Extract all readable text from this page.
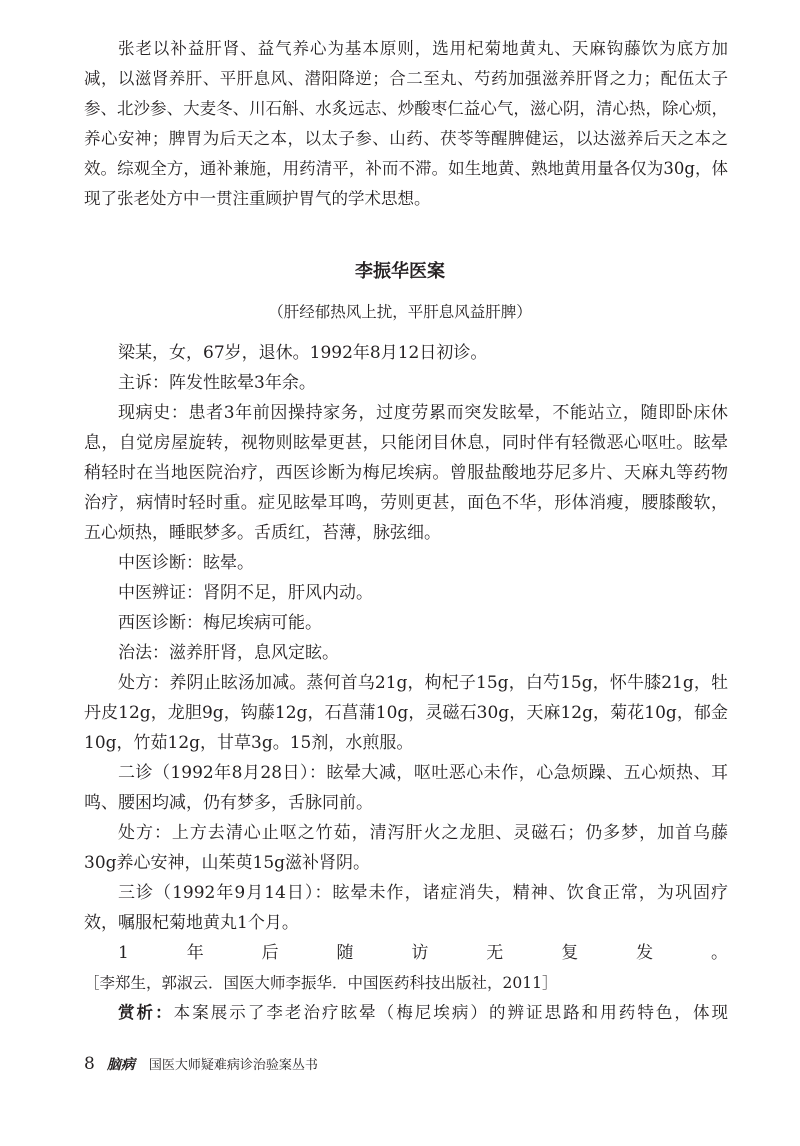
张老以补益肝肾、益气养心为基本原则，选用杞菊地黄丸、天麻钩藤饮为底方加减，以滋肾养肝、平肝息风、潜阳降逆；合二至丸、芍药加强滋养肝肾之力；配伍太子参、北沙参、大麦冬、川石斛、水炙远志、炒酸枣仁益心气，滋心阴，清心热，除心烦，养心安神；脾胃为后天之本，以太子参、山药、茯苓等醒脾健运，以达滋养后天之本之效。综观全方，通补兼施，用药清平，补而不滞。如生地黄、熟地黄用量各仅为30g，体现了张老处方中一贯注重顾护胃气的学术思想。

李振华医案

（肝经郁热风上扰，平肝息风益肝脾）

梁某，女，67岁，退休。1992年8月12日初诊。

主诉：阵发性眩晕3年余。

现病史：患者3年前因操持家务，过度劳累而突发眩晕，不能站立，随即卧床休息，自觉房屋旋转，视物则眩晕更甚，只能闭目休息，同时伴有轻微恶心呕吐。眩晕稍轻时在当地医院治疗，西医诊断为梅尼埃病。曾服盐酸地芬尼多片、天麻丸等药物治疗，病情时轻时重。症见眩晕耳鸣，劳则更甚，面色不华，形体消瘦，腰膝酸软，五心烦热，睡眠梦多。舌质红，苔薄，脉弦细。

中医诊断：眩晕。

中医辨证：肾阴不足，肝风内动。

西医诊断：梅尼埃病可能。

治法：滋养肝肾，息风定眩。

处方：养阴止眩汤加减。蒸何首乌21g，枸杞子15g，白芍15g，怀牛膝21g，牡丹皮12g，龙胆9g，钩藤12g，石菖蒲10g，灵磁石30g，天麻12g，菊花10g，郁金10g，竹茹12g，甘草3g。15剂，水煎服。

二诊（1992年8月28日）：眩晕大减，呕吐恶心未作，心急烦躁、五心烦热、耳鸣、腰困均减，仍有梦多，舌脉同前。

处方：上方去清心止呕之竹茹，清泻肝火之龙胆、灵磁石；仍多梦，加首乌藤30g养心安神，山茱萸15g滋补肾阴。

三诊（1992年9月14日）：眩晕未作，诸症消失，精神、饮食正常，为巩固疗效，嘱服杞菊地黄丸1个月。

1年后随访无复发。［李郑生，郭淑云．国医大师李振华．中国医药科技出版社，2011］

赏析：本案展示了李老治疗眩晕（梅尼埃病）的辨证思路和用药特色，体现

8 脑病 国医大师疑难病诊治验案丛书
